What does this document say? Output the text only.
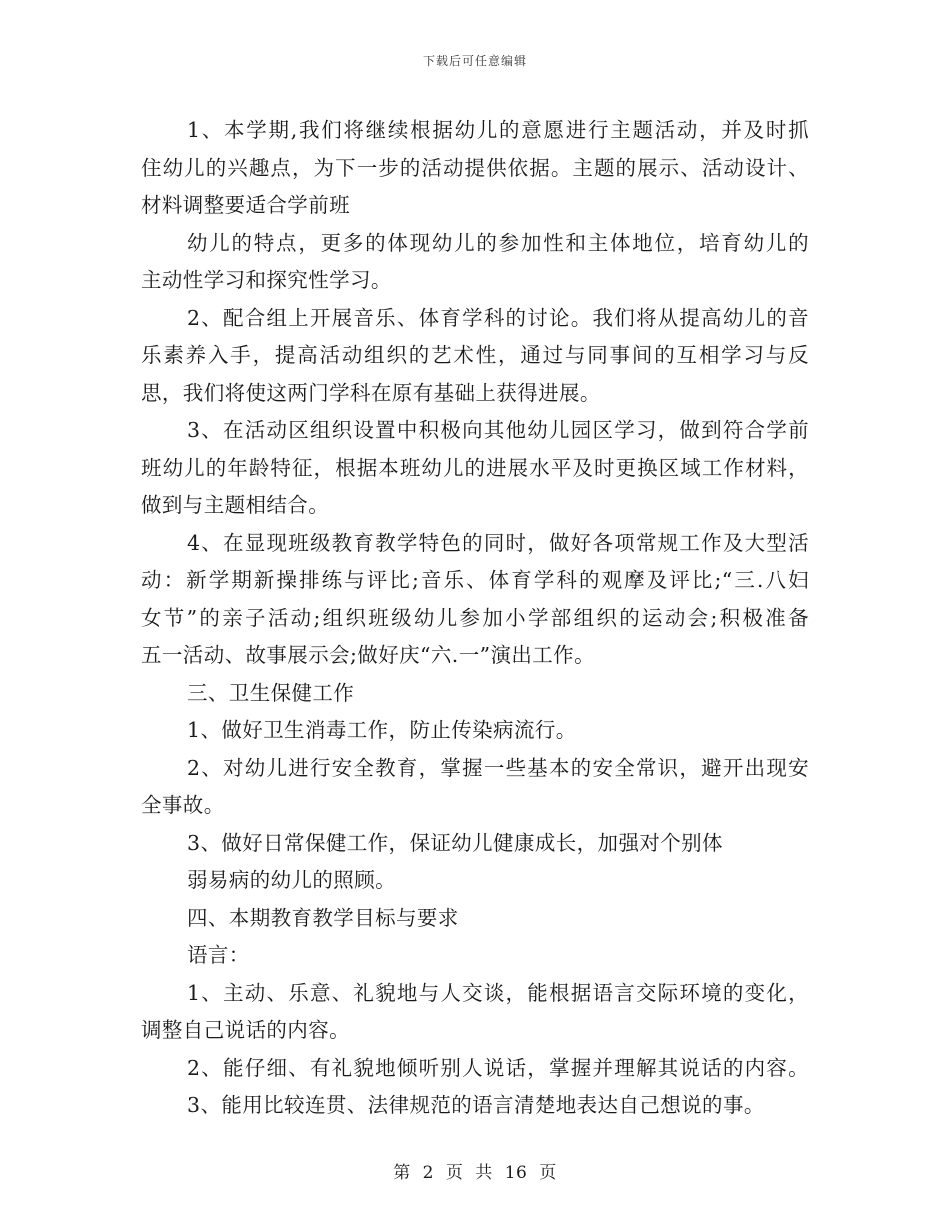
下载后可任意编辑
1、本学期,我们将继续根据幼儿的意愿进行主题活动，并及时抓
住幼儿的兴趣点，为下一步的活动提供依据。主题的展示、活动设计、
材料调整要适合学前班
幼儿的特点，更多的体现幼儿的参加性和主体地位，培育幼儿的
主动性学习和探究性学习。
2、配合组上开展音乐、体育学科的讨论。我们将从提高幼儿的音
乐素养入手，提高活动组织的艺术性，通过与同事间的互相学习与反
思，我们将使这两门学科在原有基础上获得进展。
3、在活动区组织设置中积极向其他幼儿园区学习，做到符合学前
班幼儿的年龄特征，根据本班幼儿的进展水平及时更换区域工作材料，
做到与主题相结合。
4、在显现班级教育教学特色的同时，做好各项常规工作及大型活
动：新学期新操排练与评比;音乐、体育学科的观摩及评比;“三.八妇
女节”的亲子活动;组织班级幼儿参加小学部组织的运动会;积极准备
五一活动、故事展示会;做好庆“六.一”演出工作。
三、卫生保健工作
1、做好卫生消毒工作，防止传染病流行。
2、对幼儿进行安全教育，掌握一些基本的安全常识，避开出现安
全事故。
3、做好日常保健工作，保证幼儿健康成长，加强对个别体
弱易病的幼儿的照顾。
四、本期教育教学目标与要求
语言：
1、主动、乐意、礼貌地与人交谈，能根据语言交际环境的变化，
调整自己说话的内容。
2、能仔细、有礼貌地倾听别人说话，掌握并理解其说话的内容。
3、能用比较连贯、法律规范的语言清楚地表达自己想说的事。
第 2 页 共 16 页
